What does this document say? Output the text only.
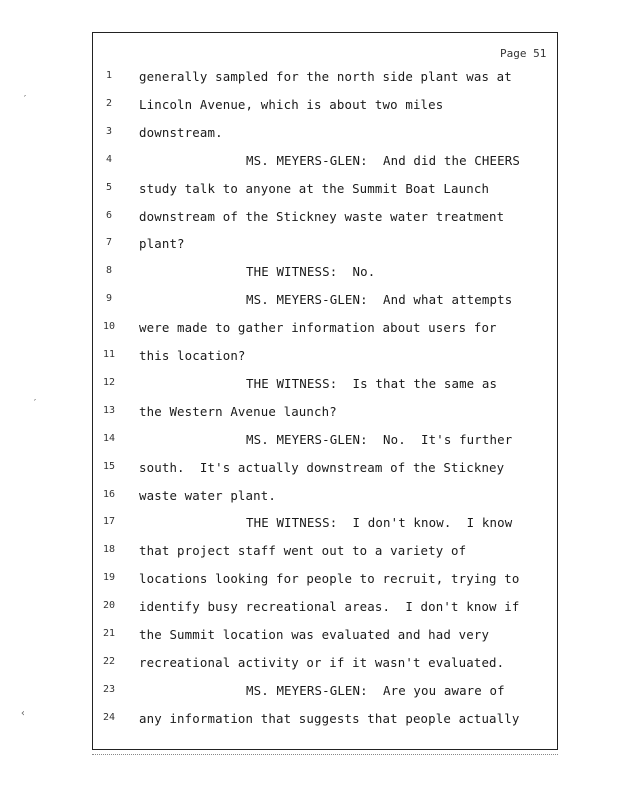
Page 51
1	generally sampled for the north side plant was at
2	Lincoln Avenue, which is about two miles
3	downstream.
4	MS. MEYERS-GLEN:  And did the CHEERS
5	study talk to anyone at the Summit Boat Launch
6	downstream of the Stickney waste water treatment
7	plant?
8	THE WITNESS:  No.
9	MS. MEYERS-GLEN:  And what attempts
10 were made to gather information about users for
11 this location?
12	THE WITNESS:  Is that the same as
13 the Western Avenue launch?
14	MS. MEYERS-GLEN:  No.  It's further
15 south.  It's actually downstream of the Stickney
16 waste water plant.
17	THE WITNESS:  I don't know.  I know
18 that project staff went out to a variety of
19 locations looking for people to recruit, trying to
20 identify busy recreational areas.  I don't know if
21 the Summit location was evaluated and had very
22 recreational activity or if it wasn't evaluated.
23	MS. MEYERS-GLEN:  Are you aware of
24 any information that suggests that people actually
′
′
‹
